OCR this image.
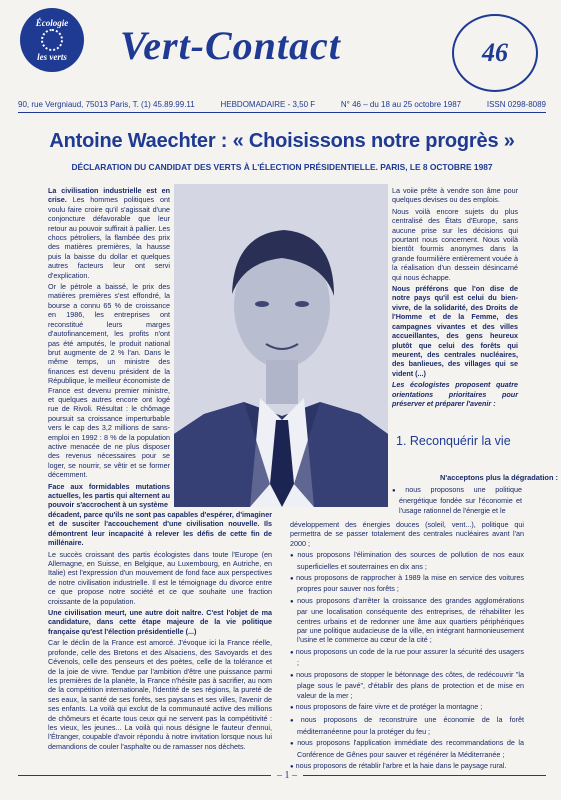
Écologie
les verts Vert-Contact	46
90, rue Vergniaud, 75013 Paris, T. (1) 45.89.99.11	HEBDOMADAIRE - 3,50 F	N° 46 – du 18 au 25 octobre 1987	ISSN 0298-8089
Antoine Waechter : « Choisissons notre progrès »
DÉCLARATION DU CANDIDAT DES VERTS À L'ÉLECTION PRÉSIDENTIELLE. PARIS, LE 8 OCTOBRE 1987

La civilisation industrielle est en crise. Les hommes politiques ont voulu faire croire qu'il s'agissait d'une conjoncture défavorable que leur retour au pouvoir suffirait à pallier. Les chocs pétroliers, la flambée des prix des matières premières, la hausse puis la baisse du dollar et quelques autres facteurs leur ont servi d'explication.

Or le pétrole a baissé, le prix des matières premières s'est effondré, la bourse a connu 65 % de croissance en 1986, les entreprises ont reconstitué leurs marges d'autofinancement, les profits n'ont pas été amputés, le produit national brut augmente de 2 % l'an. Dans le même temps, un ministre des finances est devenu président de la République, le meilleur économiste de France est devenu premier ministre, et quelques autres encore ont logé rue de Rivoli. Résultat : le chômage poursuit sa croissance imperturbable vers le cap des 3,2 millions de sans-emploi en 1992 : 8 % de la population active menacée de ne plus disposer des revenus nécessaires pour se loger, se nourrir, se vêtir et se former décemment.

Face aux formidables mutations actuelles, les partis qui alternent au pouvoir s'accrochent à un système

La voiie prête à vendre son âme pour quelques devises ou des emplois.

Nous voilà encore sujets du plus centralisé des États d'Europe, sans aucune prise sur les décisions qui pourtant nous concernent. Nous voilà bientôt fourmis anonymes dans la grande fourmilière entièrement vouée à la réalisation d'un dessein désincarné qui nous échappe.

Nous préférons que l'on dise de notre pays qu'il est celui du bien-vivre, de la solidarité, des Droits de l'Homme et de la Femme, des campagnes vivantes et des villes accueillantes, des gens heureux plutôt que celui des forêts qui meurent, des centrales nucléaires, des banlieues, des villages qui se vident (...)

Les écologistes proposent quatre orientations prioritaires pour préserver et préparer l'avenir :

1. Reconquérir la vie
N'acceptons plus la dégradation :

● nous proposons une politique énergétique fondée sur l'économie et l'usage rationnel de l'énergie et le

décadent, parce qu'ils ne sont pas capables d'espérer, d'imaginer et de susciter l'accouchement d'une civilisation nouvelle. Ils démontrent leur incapacité à relever les défis de cette fin de millénaire.

Le succès croissant des partis écologistes dans toute l'Europe (en Allemagne, en Suisse, en Belgique, au Luxembourg, en Autriche, en Italie) est l'expression d'un mouvement de fond face aux perspectives de notre civilisation industrielle. Il est le témoignage du divorce entre ce que propose notre société et ce que souhaite une fraction croissante de la population.

Une civilisation meurt, une autre doit naître. C'est l'objet de ma candidature, dans cette étape majeure de la vie politique française qu'est l'élection présidentielle (...)

Car le déclin de la France est amorcé. J'évoque ici la France réelle, profonde, celle des Bretons et des Alsaciens, des Savoyards et des Cévenols, celle des penseurs et des poètes, celle de la tolérance et de la joie de vivre. Tendue par l'ambition d'être une puissance parmi les premières de la planète, la France n'hésite pas à sacrifier, au nom de la compétition internationale, l'identité de ses régions, la pureté de ses eaux, la santé de ses forêts, ses paysans et ses villes, l'avenir de ses enfants. La voilà qui exclut de la communauté active des millions de chômeurs et écarte tous ceux qui ne servent pas la compétitivité : les vieux, les jeunes... La voilà qui nous désigne le fauteur d'ennui, l'Étranger, coupable d'avoir répondu à notre invitation lorsque nous lui demandions de couler l'asphalte ou de ramasser nos déchets.

développement des énergies douces (soleil, vent...), politique qui permettra de se passer totalement des centrales nucléaires avant l'an 2000 ;

● nous proposons l'élimination des sources de pollution de nos eaux superficielles et souterraines en dix ans ;

● nous proposons de rapprocher à 1989 la mise en service des voitures propres pour sauver nos forêts ;

● nous proposons d'arrêter la croissance des grandes agglomérations par une localisation conséquente des entreprises, de réhabiliter les centres urbains et de redonner une âme aux quartiers périphériques par une politique audacieuse de la ville, en intégrant harmonieusement l'usine et le commerce au cœur de la cité ;

● nous proposons un code de la rue pour assurer la sécurité des usagers ;

● nous proposons de stopper le bétonnage des côtes, de redécouvrir "la plage sous le pavé", d'établir des plans de protection et de mise en valeur de la mer ;

● nous proposons de faire vivre et de protéger la montagne ;

● nous proposons de reconstruire une économie de la forêt méditerranéenne pour la protéger du feu ;

● nous proposons l'application immédiate des recommandations de la Conférence de Gênes pour sauver et régénérer la Méditerranée ;

● nous proposons de rétablir l'arbre et la haie dans le paysage rural.

– 1 –
